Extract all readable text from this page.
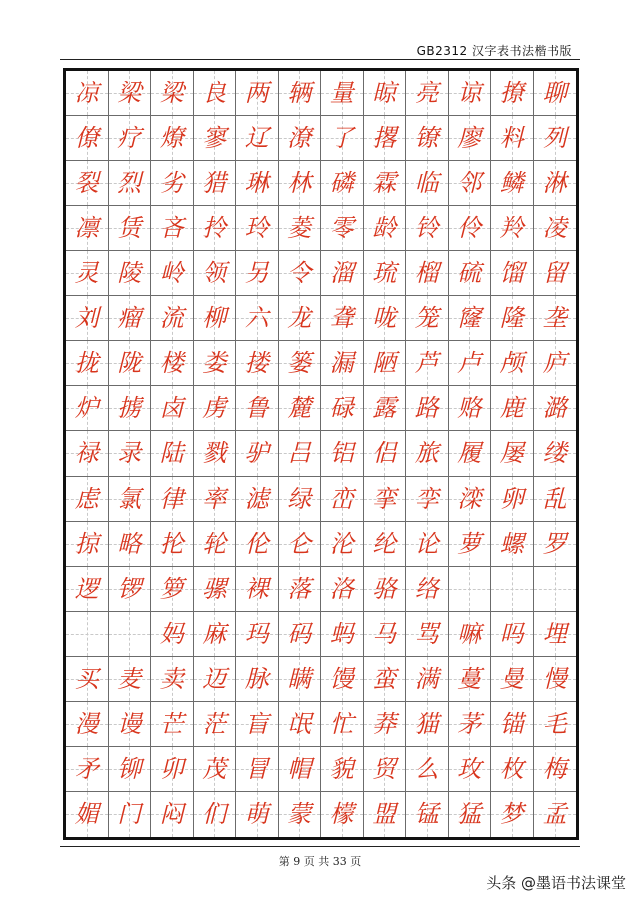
GB2312 汉字表书法楷书版
凉 梁 梁 良 两 辆 量 晾 亮 谅 撩 聊
僚 疗 燎 寥 辽 潦 了 撂 镣 廖 料 列
裂 烈 劣 猎 琳 林 磷 霖 临 邻 鳞 淋
凛 赁 吝 拎 玲 菱 零 龄 铃 伶 羚 凌
灵 陵 岭 领 另 令 溜 琉 榴 硫 馏 留
刘 瘤 流 柳 六 龙 聋 咙 笼 窿 隆 垄
拢 陇 楼 娄 搂 篓 漏 陋 芦 卢 颅 庐
炉 掳 卤 虏 鲁 麓 碌 露 路 赂 鹿 潞
禄 录 陆 戮 驴 吕 铝 侣 旅 履 屡 缕
虑 氯 律 率 滤 绿 峦 挛 孪 滦 卵 乱
掠 略 抡 轮 伦 仑 沦 纶 论 萝 螺 罗
逻 锣 箩 骡 裸 落 洛 骆 络
妈 麻 玛 码 蚂 马 骂 嘛 吗 埋
买 麦 卖 迈 脉 瞒 馒 蛮 满 蔓 曼 慢
漫 谩 芒 茫 盲 氓 忙 莽 猫 茅 锚 毛
矛 铆 卯 茂 冒 帽 貌 贸 么 玫 枚 梅
媚 门 闷 们 萌 蒙 檬 盟 锰 猛 梦 孟
第 9 页 共 33 页
头条 @墨语书法课堂
